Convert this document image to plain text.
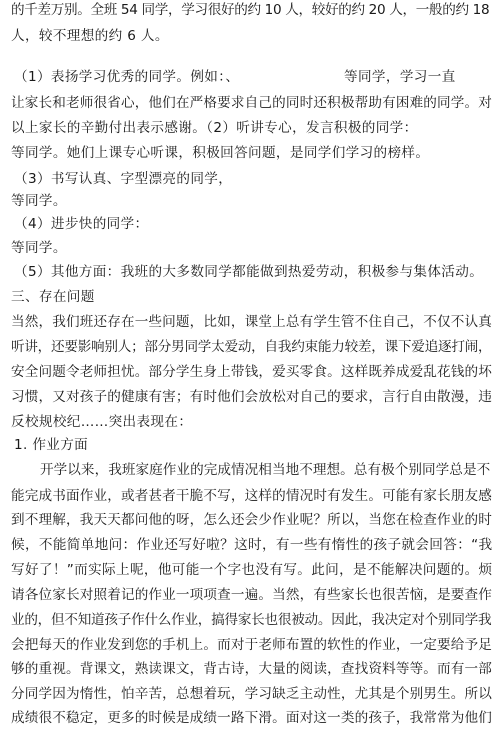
的千差万别。全班 54 同学，学习很好的约 10 人，较好的约 20 人，一般的约 18
人，较不理想的约 6 人。
（1）表扬学习优秀的同学。例如：、　　　　　　　　等同学，学习一直
让家长和老师很省心，他们在严格要求自己的同时还积极帮助有困难的同学。对
以上家长的辛勤付出表示感谢。（2）听讲专心，发言积极的同学：
等同学。她们上课专心听课，积极回答问题，是同学们学习的榜样。
（3）书写认真、字型漂亮的同学，
等同学。
（4）进步快的同学：
等同学。
（5）其他方面：我班的大多数同学都能做到热爱劳动，积极参与集体活动。
三、存在问题
当然，我们班还存在一些问题，比如，课堂上总有学生管不住自己，不仅不认真
听讲，还要影响别人；部分男同学太爱动，自我约束能力较差，课下爱追逐打闹，
安全问题令老师担忧。部分学生身上带钱，爱买零食。这样既养成爱乱花钱的坏
习惯，又对孩子的健康有害；有时他们会放松对自己的要求，言行自由散漫，违
反校规校纪……突出表现在：
1. 作业方面
开学以来，我班家庭作业的完成情况相当地不理想。总有极个别同学总是不
能完成书面作业，或者甚者干脆不写，这样的情况时有发生。可能有家长朋友感
到不理解，我天天都问他的呀，怎么还会少作业呢？所以，当您在检查作业的时
候，不能简单地问：作业还写好啦？这时，有一些有惰性的孩子就会回答：“我
写好了！”而实际上呢，他可能一个字也没有写。此问，是不能解决问题的。烦
请各位家长对照着记的作业一项项查一遍。当然，有些家长也很苦恼，是要查作
业的，但不知道孩子作什么作业，搞得家长也很被动。因此，我决定对个别同学我
会把每天的作业发到您的手机上。而对于老师布置的软性的作业，一定要给予足
够的重视。背课文，熟读课文，背古诗，大量的阅读，查找资料等等。而有一部
分同学因为惰性，怕辛苦，总想着玩，学习缺乏主动性，尤其是个别男生。所以
成绩很不稳定，更多的时候是成绩一路下滑。面对这一类的孩子，我常常为他们
